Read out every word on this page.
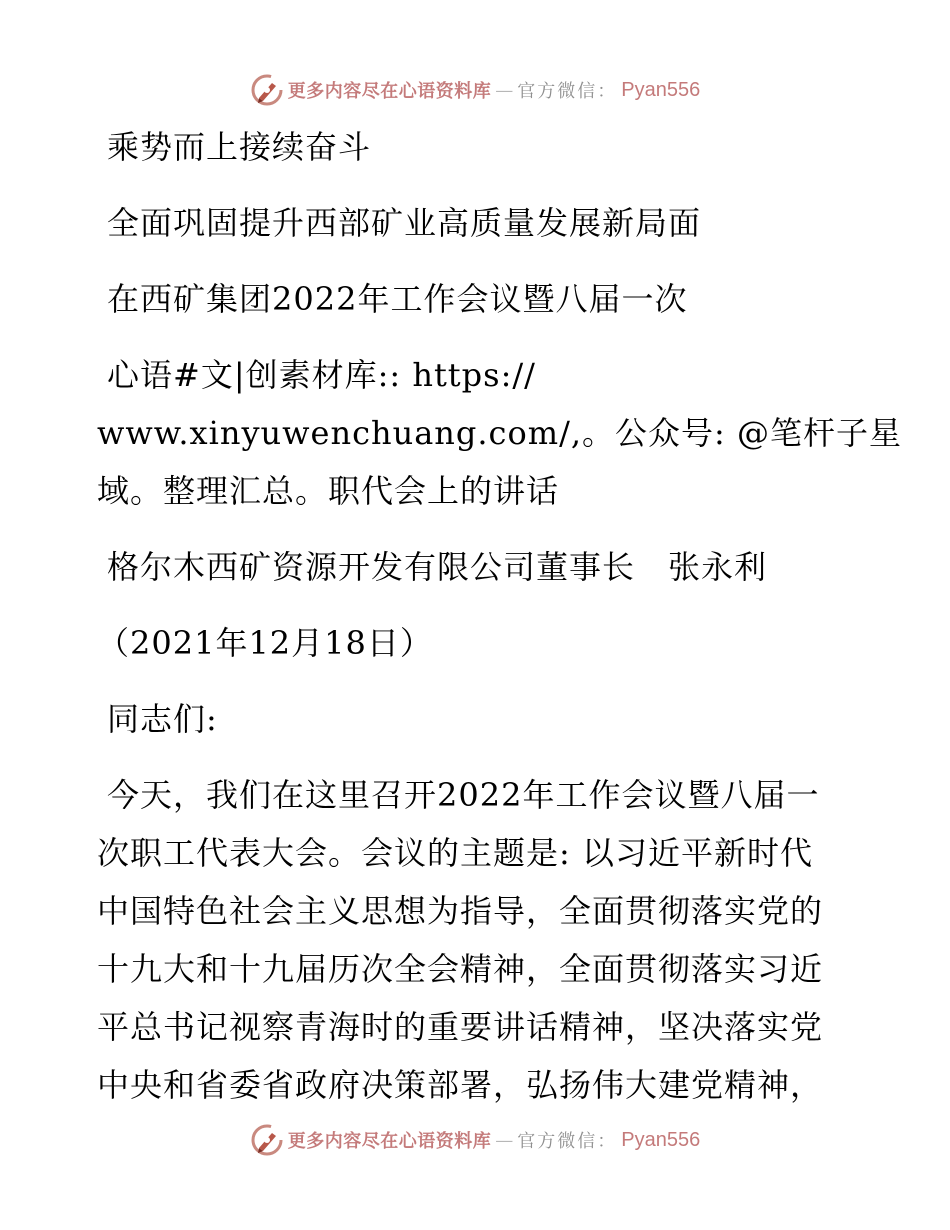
更多内容尽在心语资料库 — 官方微信： Pyan556
乘势而上接续奋斗
全面巩固提升西部矿业高质量发展新局面
在西矿集团2022年工作会议暨八届一次
心语#文|创素材库:: https://
www.xinyuwenchuang.com/,。公众号: @笔杆子星
域。整理汇总。职代会上的讲话
格尔木西矿资源开发有限公司董事长　张永利
（2021年12月18日）
同志们:
今天，我们在这里召开2022年工作会议暨八届一
次职工代表大会。会议的主题是: 以习近平新时代
中国特色社会主义思想为指导，全面贯彻落实党的
十九大和十九届历次全会精神，全面贯彻落实习近
平总书记视察青海时的重要讲话精神，坚决落实党
中央和省委省政府决策部署，弘扬伟大建党精神，
更多内容尽在心语资料库 — 官方微信： Pyan556
